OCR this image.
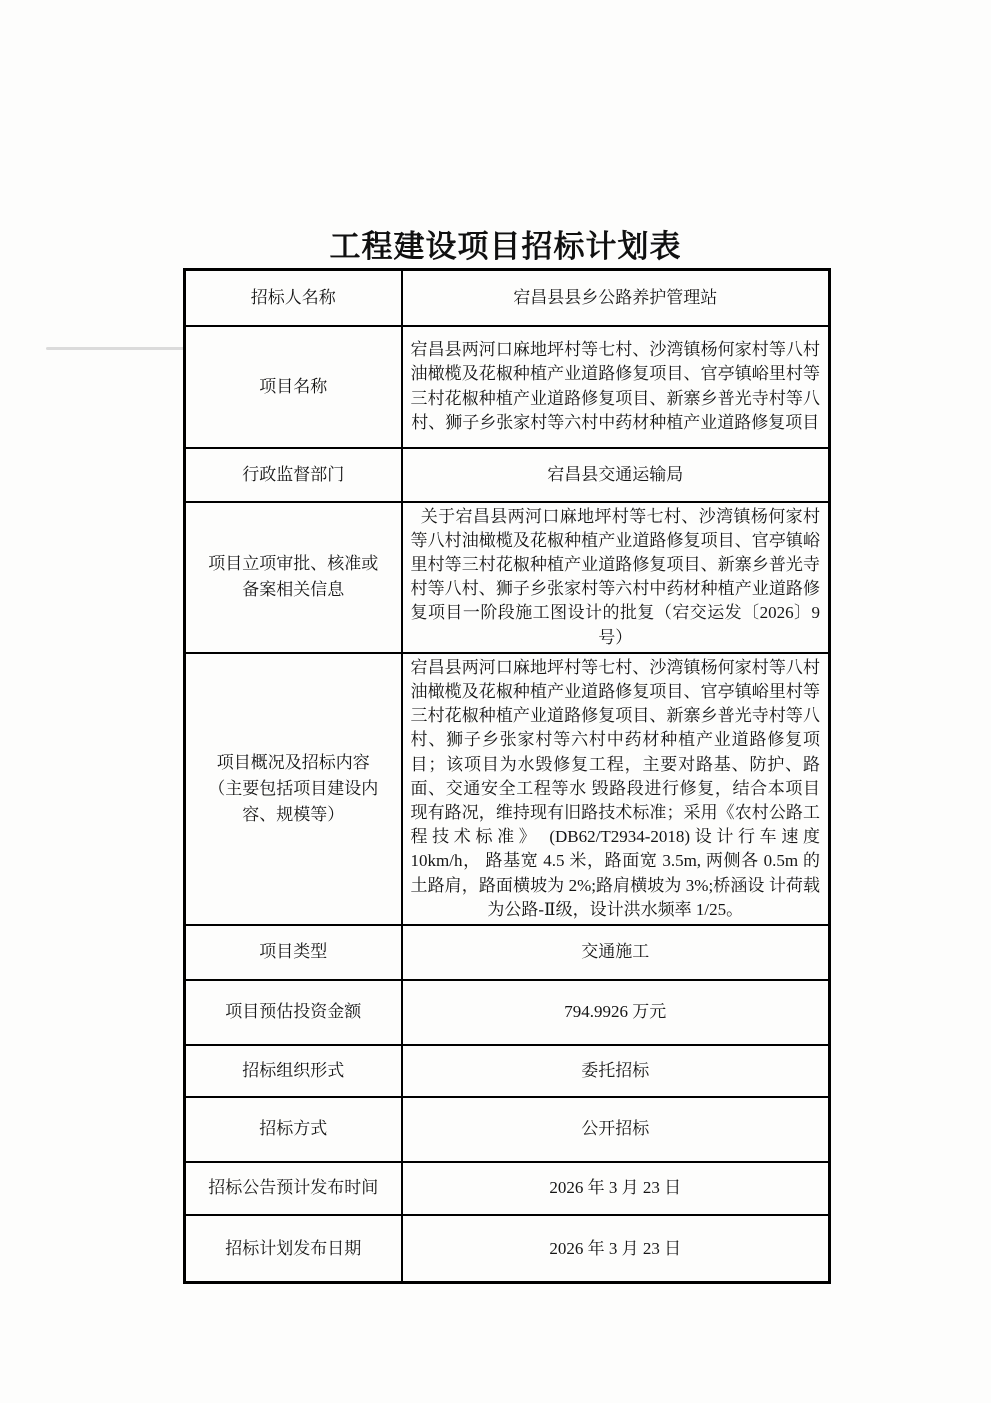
工程建设项目招标计划表
招标人名称	宕昌县县乡公路养护管理站
项目名称	宕昌县两河口麻地坪村等七村、沙湾镇杨何家村等八村油橄榄及花椒种植产业道路修复项目、官亭镇峪里村等三村花椒种植产业道路修复项目、新寨乡普光寺村等八村、狮子乡张家村等六村中药材种植产业道路修复项目
行政监督部门	宕昌县交通运输局
项目立项审批、核准或备案相关信息	关于宕昌县两河口麻地坪村等七村、沙湾镇杨何家村等八村油橄榄及花椒种植产业道路修复项目、官亭镇峪里村等三村花椒种植产业道路修复项目、新寨乡普光寺村等八村、狮子乡张家村等六村中药材种植产业道路修复项目一阶段施工图设计的批复（宕交运发〔2026〕9 号）
项目概况及招标内容（主要包括项目建设内容、规模等）	宕昌县两河口麻地坪村等七村、沙湾镇杨何家村等八村油橄榄及花椒种植产业道路修复项目、官亭镇峪里村等三村花椒种植产业道路修复项目、新寨乡普光寺村等八村、狮子乡张家村等六村中药材种植产业道路修复项目；该项目为水毁修复工程，主要对路基、防护、路面、交通安全工程等水 毁路段进行修复，结合本项目现有路况，维持现有旧路技术标准；采用《农村公路工程技术标准》 (DB62/T2934-2018)设计行车速度 10km/h， 路基宽 4.5 米，路面宽 3.5m, 两侧各 0.5m 的土路肩，路面横坡为 2%;路肩横坡为 3%;桥涵设 计荷载为公路-Ⅱ级，设计洪水频率 1/25。
项目类型	交通施工
项目预估投资金额	794.9926 万元
招标组织形式	委托招标
招标方式	公开招标
招标公告预计发布时间	2026 年 3 月 23 日
招标计划发布日期	2026 年 3 月 23 日
